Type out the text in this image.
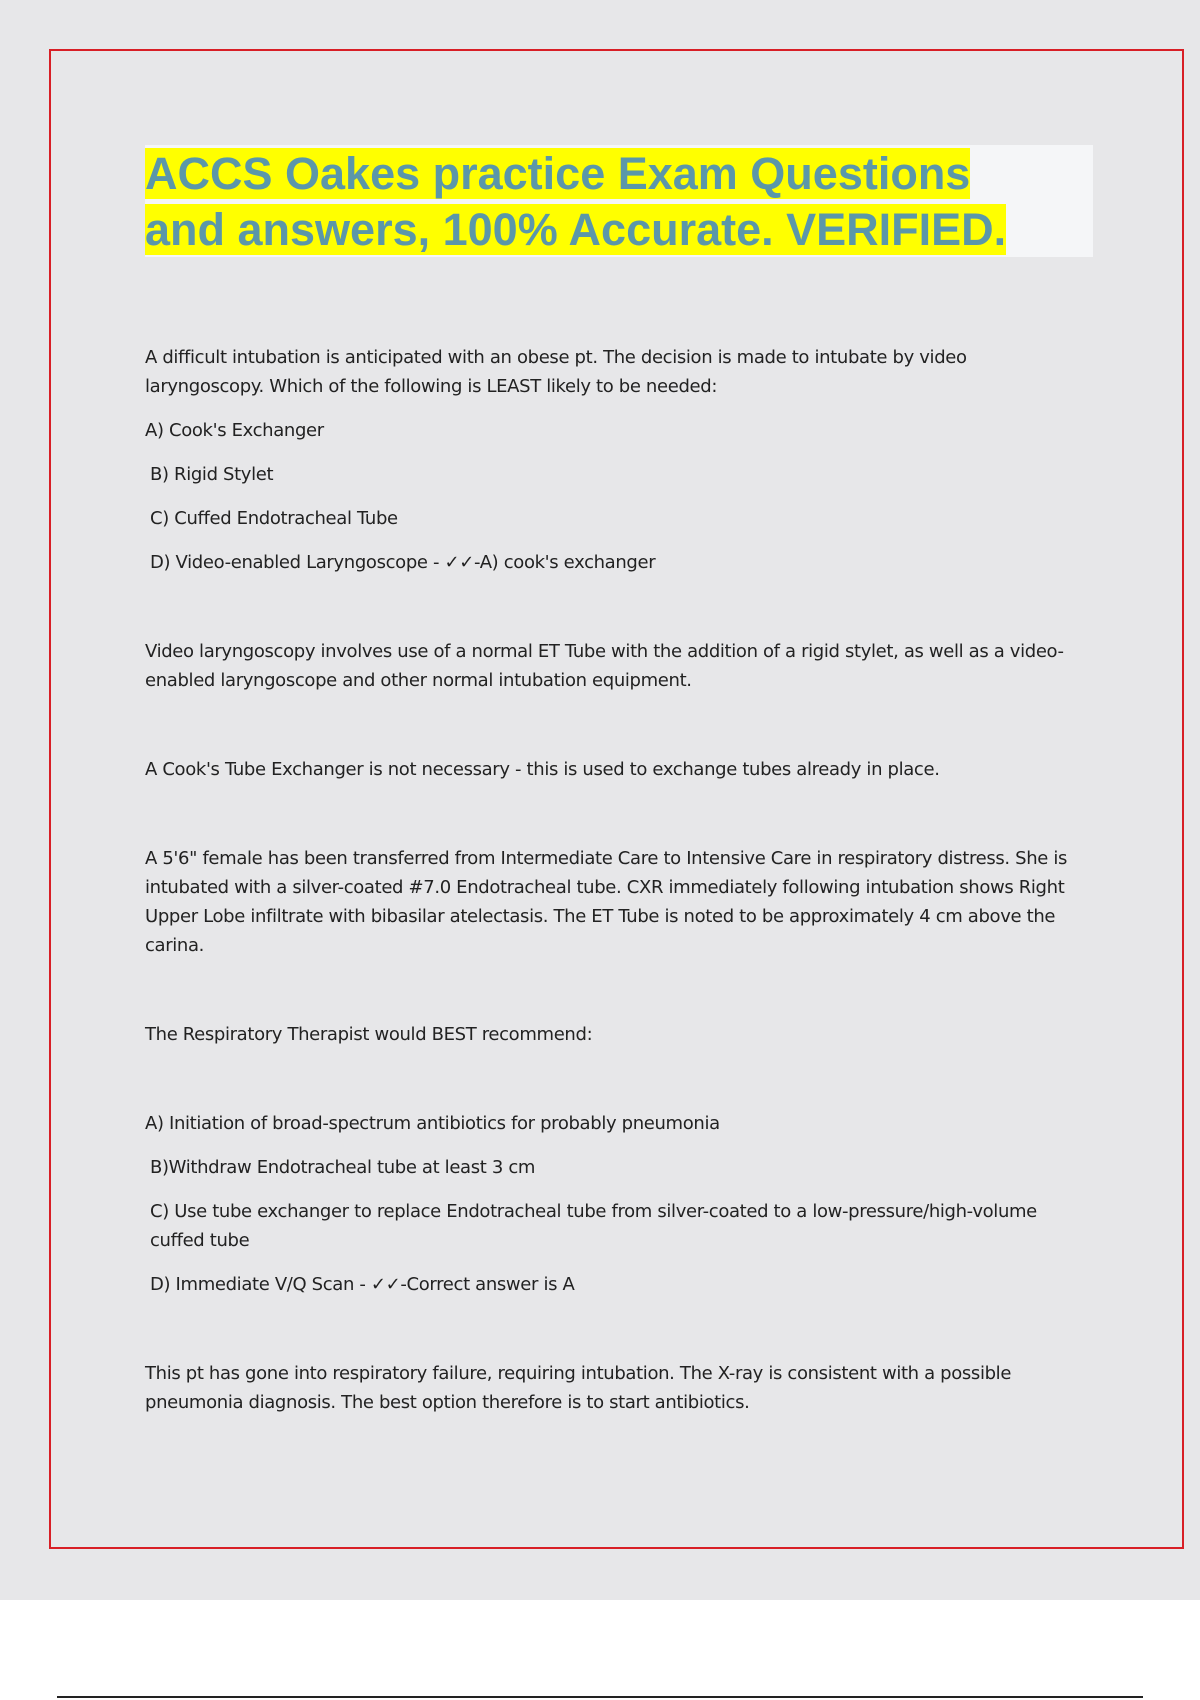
ACCS Oakes practice Exam Questions
and answers, 100% Accurate. VERIFIED.

A difficult intubation is anticipated with an obese pt. The decision is made to intubate by video laryngoscopy. Which of the following is LEAST likely to be needed:

A) Cook's Exchanger

B) Rigid Stylet

C) Cuffed Endotracheal Tube

D) Video-enabled Laryngoscope - ✓✓-A) cook's exchanger

Video laryngoscopy involves use of a normal ET Tube with the addition of a rigid stylet, as well as a video-enabled laryngoscope and other normal intubation equipment.

A Cook's Tube Exchanger is not necessary - this is used to exchange tubes already in place.

A 5'6" female has been transferred from Intermediate Care to Intensive Care in respiratory distress. She is intubated with a silver-coated #7.0 Endotracheal tube. CXR immediately following intubation shows Right Upper Lobe infiltrate with bibasilar atelectasis. The ET Tube is noted to be approximately 4 cm above the carina.

The Respiratory Therapist would BEST recommend:

A) Initiation of broad-spectrum antibiotics for probably pneumonia

B)Withdraw Endotracheal tube at least 3 cm

C) Use tube exchanger to replace Endotracheal tube from silver-coated to a low-pressure/high-volume cuffed tube

D) Immediate V/Q Scan - ✓✓-Correct answer is A

This pt has gone into respiratory failure, requiring intubation. The X-ray is consistent with a possible pneumonia diagnosis. The best option therefore is to start antibiotics.
